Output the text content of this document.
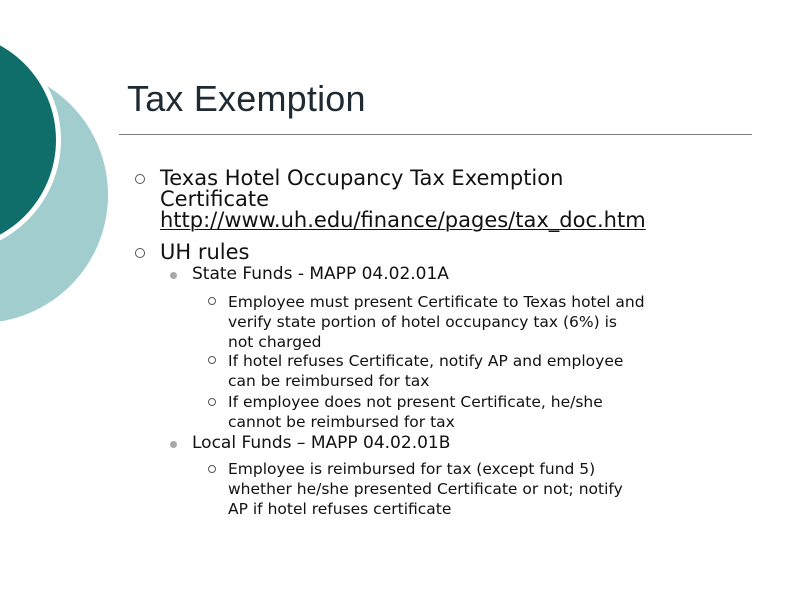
Tax Exemption
Texas Hotel Occupancy Tax Exemption
Certificate
http://www.uh.edu/finance/pages/tax_doc.htm
UH rules
State Funds - MAPP 04.02.01A
Employee must present Certificate to Texas hotel and
verify state portion of hotel occupancy tax (6%) is
not charged
If hotel refuses Certificate, notify AP and employee
can be reimbursed for tax
If employee does not present Certificate, he/she
cannot be reimbursed for tax
Local Funds – MAPP 04.02.01B
Employee is reimbursed for tax (except fund 5)
whether he/she presented Certificate or not; notify
AP if hotel refuses certificate
